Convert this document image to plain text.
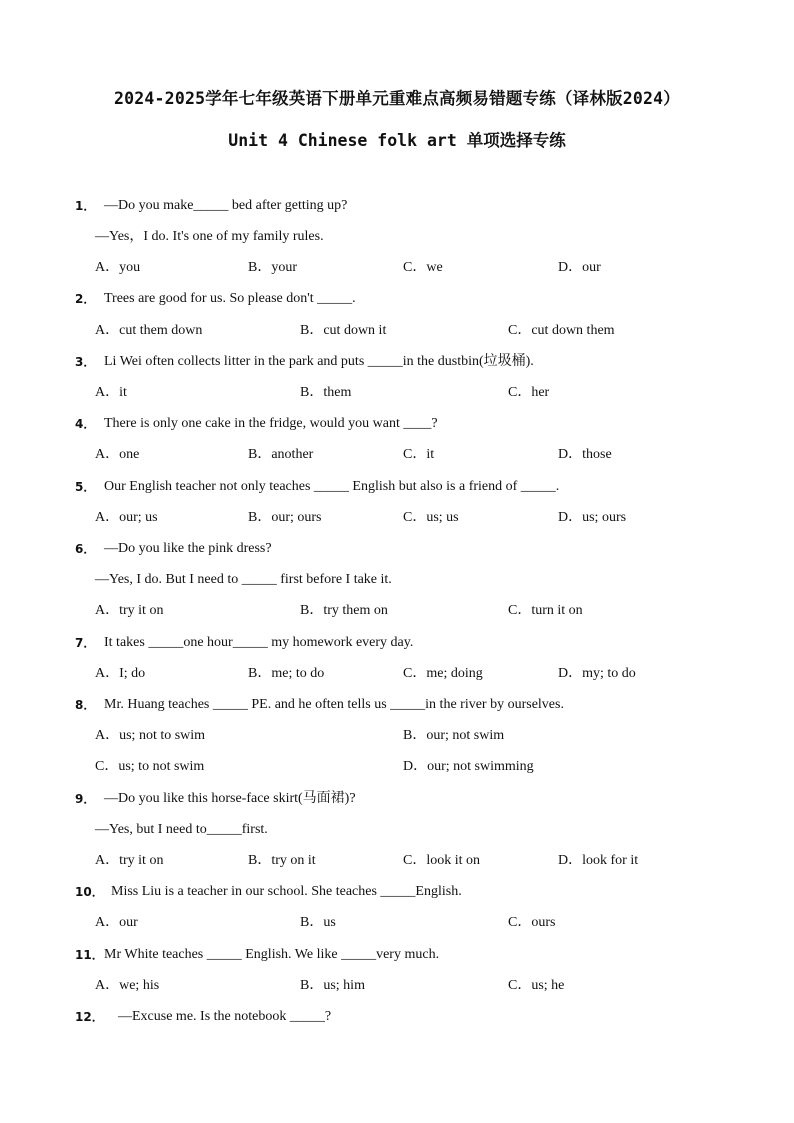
2024-2025学年七年级英语下册单元重难点高频易错题专练（译林版2024）
Unit 4 Chinese folk art 单项选择专练
1． —Do you make_____ bed after getting up?
—Yes，I do. It's one of my family rules.
A．you	B．your	C．we	D．our
2． Trees are good for us. So please don't _____.
A．cut them down	B．cut down it	C．cut down them
3． Li Wei often collects litter in the park and puts _____in the dustbin(垃圾桶).
A．it	B．them	C．her
4． There is only one cake in the fridge, would you want ____?
A．one	B．another	C．it	D．those
5． Our English teacher not only teaches _____ English but also is a friend of _____.
A．our; us	B．our; ours	C．us; us	D．us; ours
6． —Do you like the pink dress?
—Yes, I do. But I need to _____ first before I take it.
A．try it on	B．try them on	C．turn it on
7． It takes _____one hour_____ my homework every day.
A．I; do	B．me; to do	C．me; doing	D．my; to do
8． Mr. Huang teaches _____ PE. and he often tells us _____in the river by ourselves.
A．us; not to swim	B．our; not swim
C．us; to not swim	D．our; not swimming
9． —Do you like this horse-face skirt(马面裙)?
—Yes, but I need to_____first.
A．try it on	B．try on it	C．look it on	D．look for it
10． Miss Liu is a teacher in our school. She teaches _____English.
A．our	B．us	C．ours
11． Mr White teaches _____ English. We like _____very much.
A．we; his	B．us; him	C．us; he
12． —Excuse me. Is the notebook _____?
